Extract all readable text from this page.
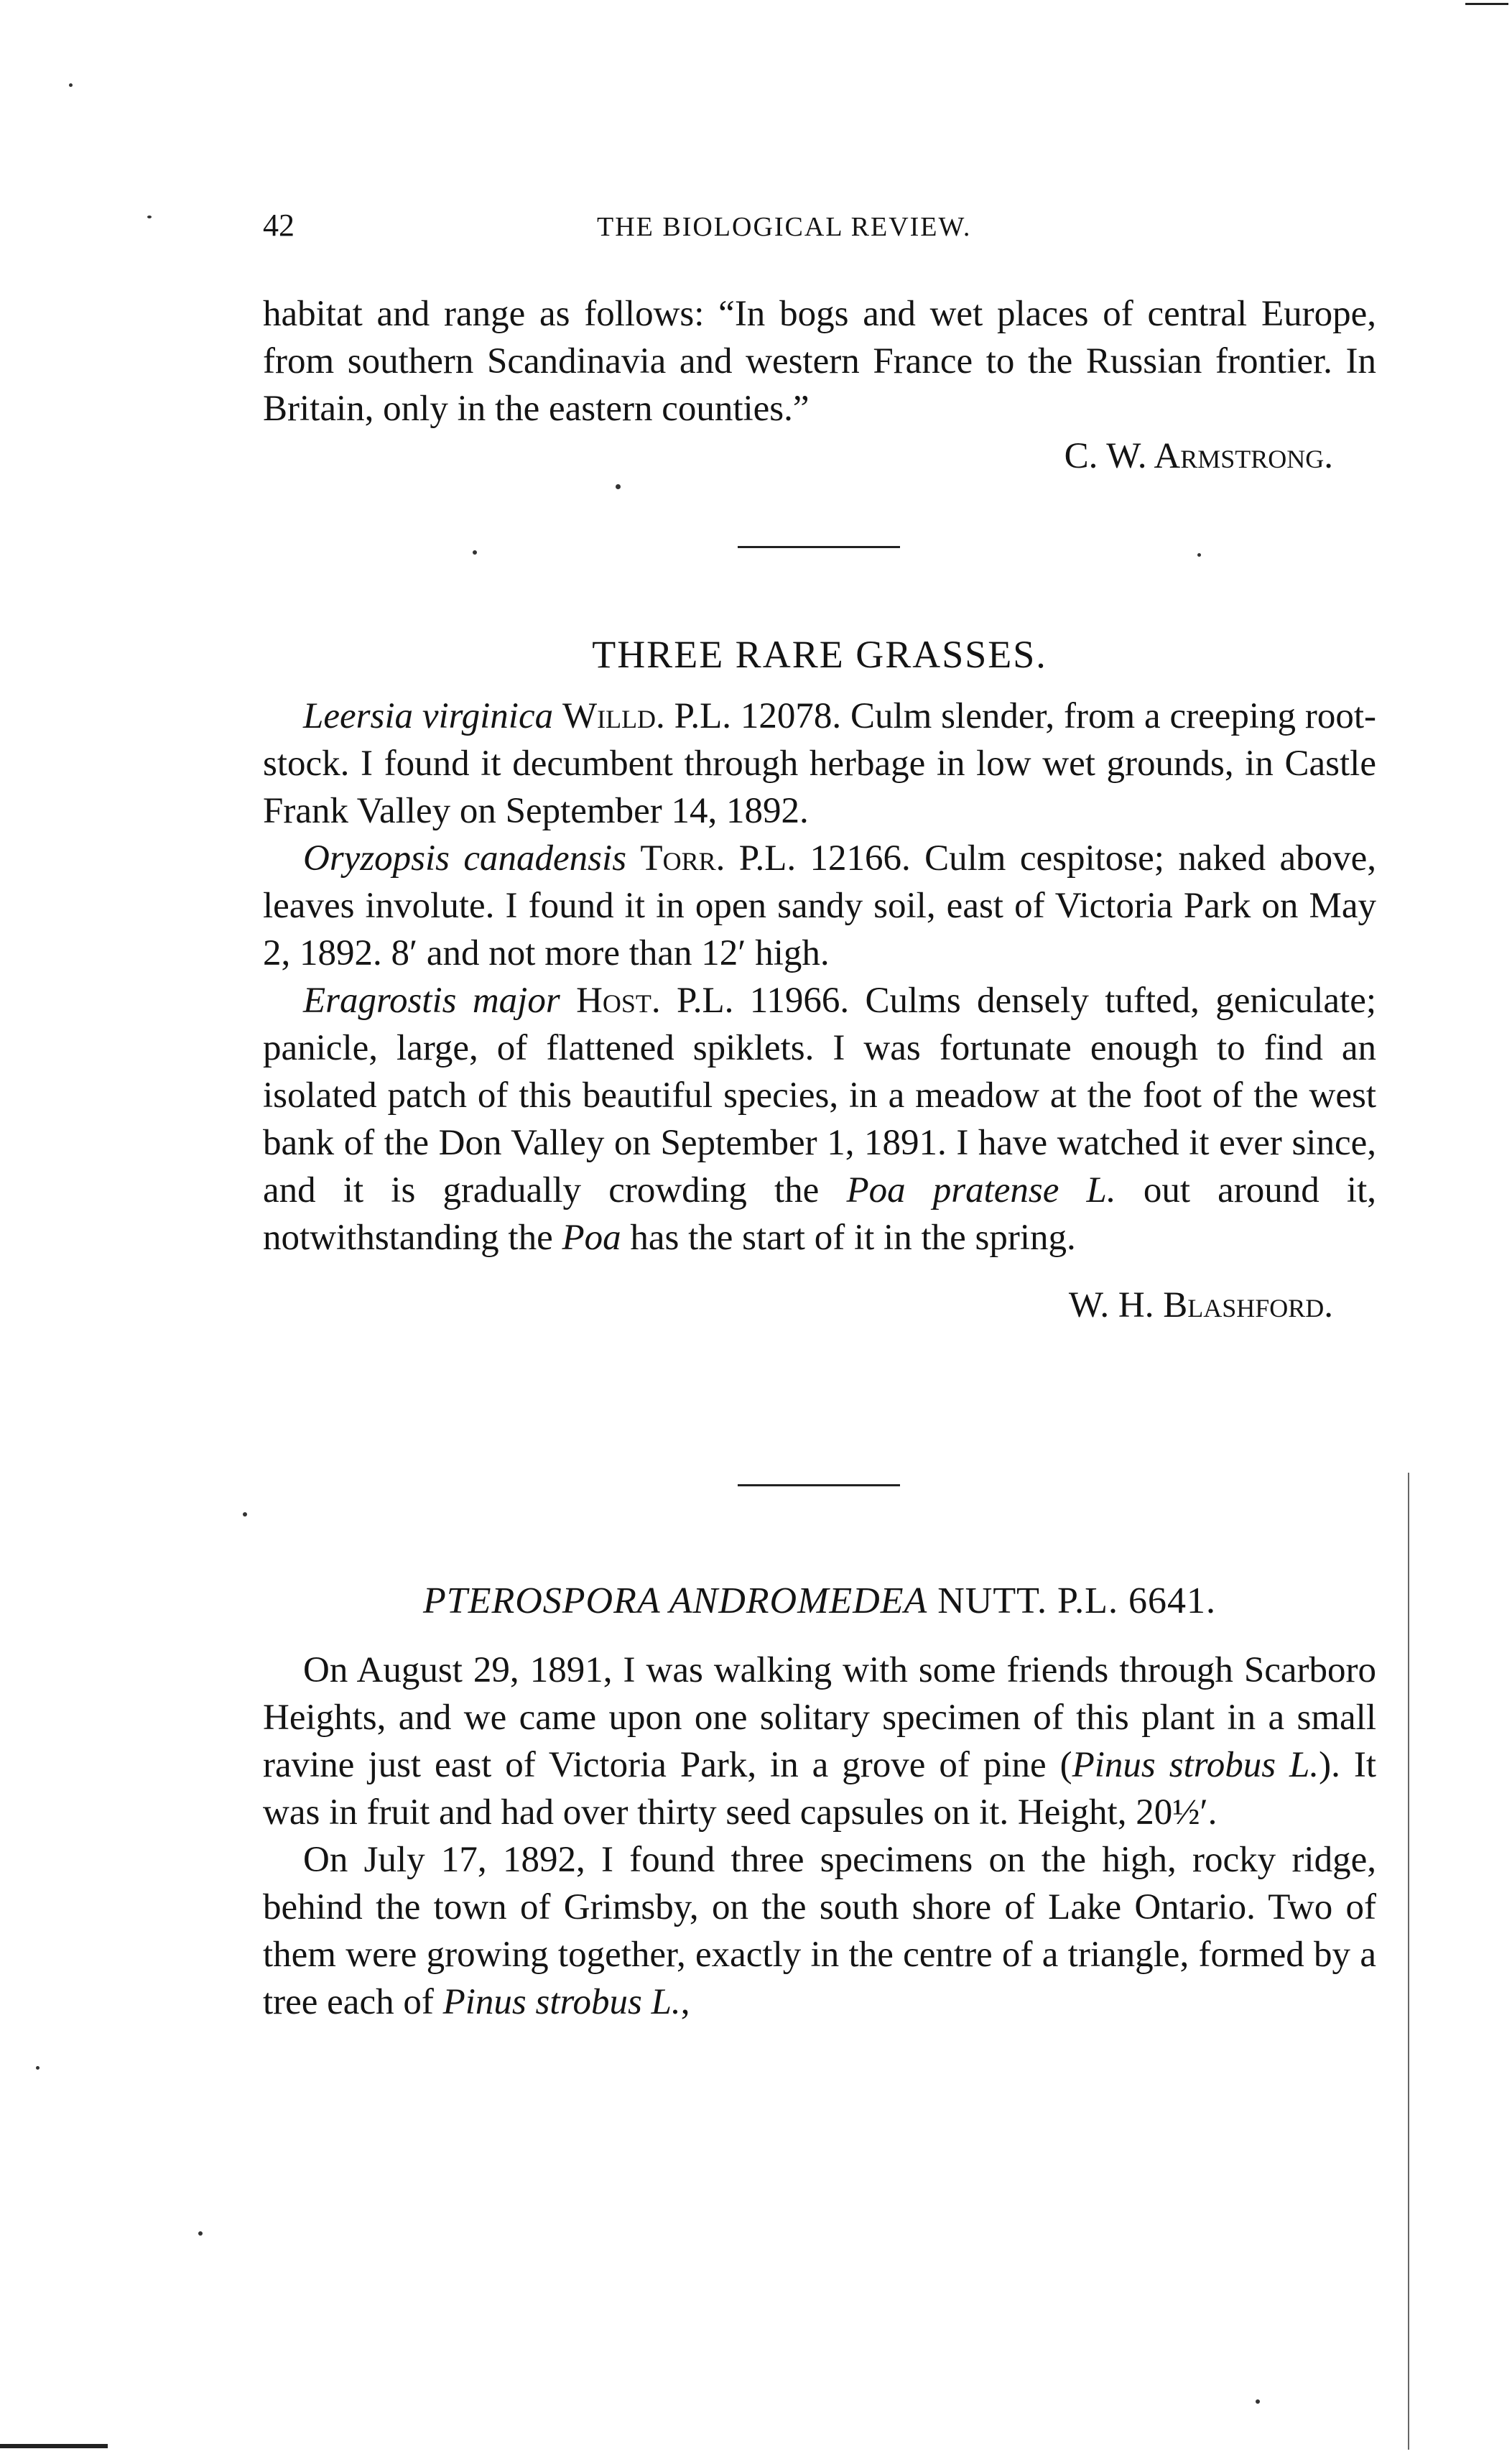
42	THE BIOLOGICAL REVIEW.

habitat and range as follows: “In bogs and wet places of central Europe, from southern Scandinavia and western France to the Russian frontier. In Britain, only in the eastern counties.”

C. W. Armstrong.
THREE RARE GRASSES.

Leersia virginica Willd. P.L. 12078. Culm slender, from a creeping root-stock. I found it decumbent through herbage in low wet grounds, in Castle Frank Valley on September 14, 1892.

Oryzopsis canadensis Torr. P.L. 12166. Culm cespitose; naked above, leaves involute. I found it in open sandy soil, east of Victoria Park on May 2, 1892. 8′ and not more than 12′ high.

Eragrostis major Host. P.L. 11966. Culms densely tufted, geniculate; panicle, large, of flattened spiklets. I was fortunate enough to find an isolated patch of this beautiful species, in a meadow at the foot of the west bank of the Don Valley on September 1, 1891. I have watched it ever since, and it is gradually crowding the Poa pratense L. out around it, notwithstanding the Poa has the start of it in the spring.

W. H. Blashford.
PTEROSPORA ANDROMEDEA NUTT. P.L. 6641.

On August 29, 1891, I was walking with some friends through Scarboro Heights, and we came upon one solitary specimen of this plant in a small ravine just east of Victoria Park, in a grove of pine (Pinus strobus L.). It was in fruit and had over thirty seed capsules on it. Height, 20½′.

On July 17, 1892, I found three specimens on the high, rocky ridge, behind the town of Grimsby, on the south shore of Lake Ontario. Two of them were growing together, exactly in the centre of a triangle, formed by a tree each of Pinus strobus L.,
